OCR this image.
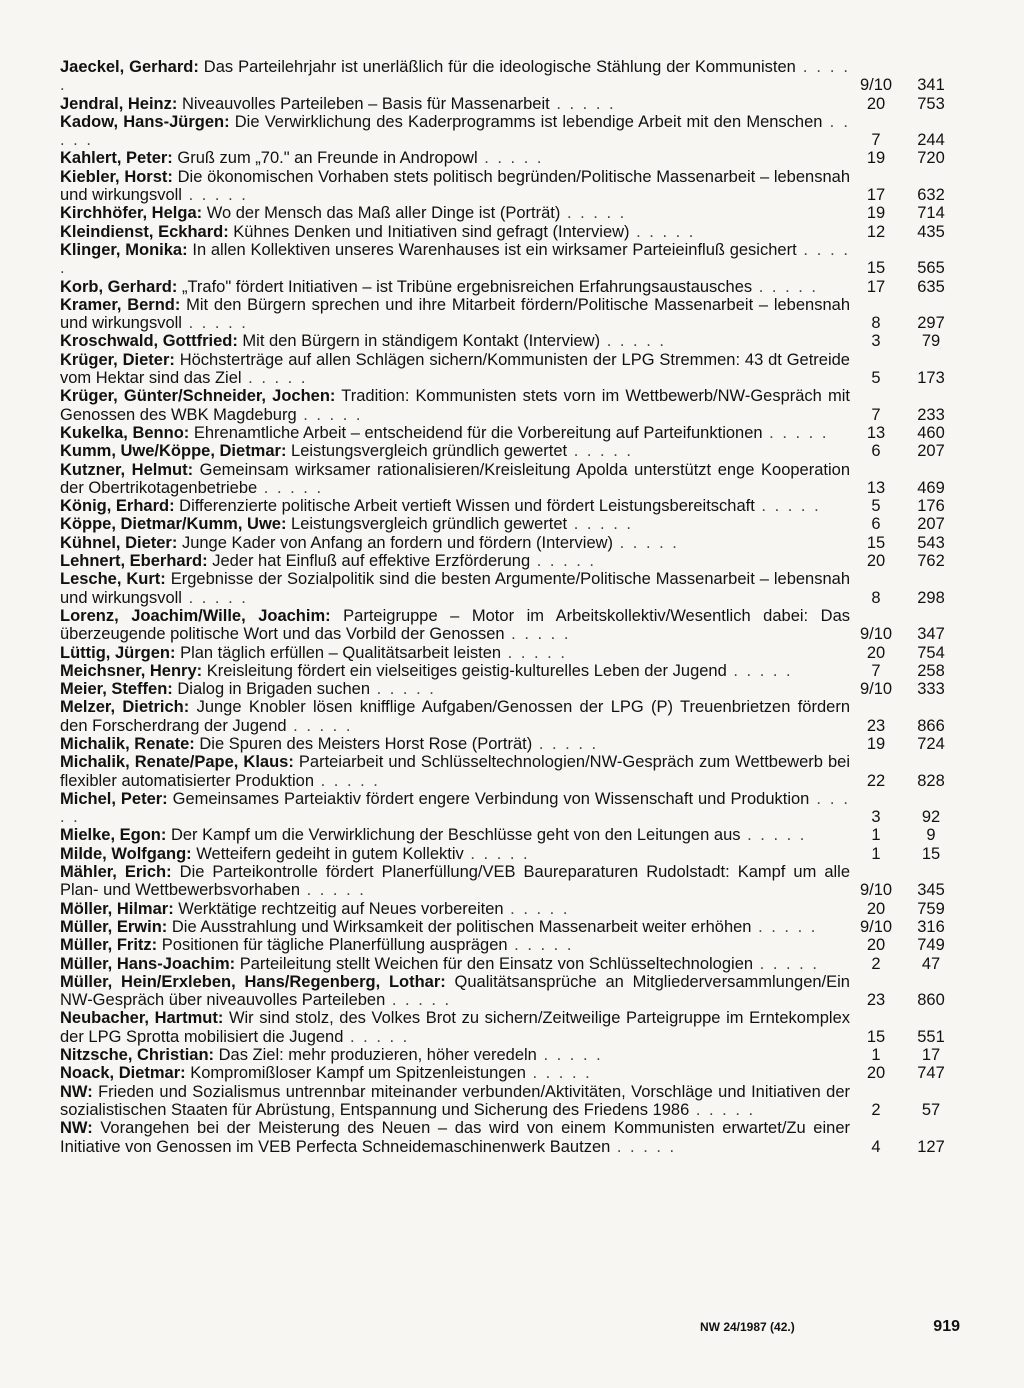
Jaeckel, Gerhard: Das Parteilehrjahr ist unerläßlich für die ideologische Stählung der Kommunisten . . . . .	9/10	341
Jendral, Heinz: Niveauvolles Parteileben – Basis für Massenarbeit . . . . .	20	753
Kadow, Hans-Jürgen: Die Verwirklichung des Kaderprogramms ist lebendige Arbeit mit den Menschen . . . . .	7	244
Kahlert, Peter: Gruß zum „70." an Freunde in Andropowl . . . . .	19	720
Kiebler, Horst: Die ökonomischen Vorhaben stets politisch begründen/Politische Massenarbeit – lebensnah und wirkungsvoll . . . . .	17	632
Kirchhöfer, Helga: Wo der Mensch das Maß aller Dinge ist (Porträt) . . . . .	19	714
Kleindienst, Eckhard: Kühnes Denken und Initiativen sind gefragt (Interview) . . . . .	12	435
Klinger, Monika: In allen Kollektiven unseres Warenhauses ist ein wirksamer Parteieinfluß gesichert . . . . .	15	565
Korb, Gerhard: „Trafo" fördert Initiativen – ist Tribüne ergebnisreichen Erfahrungsaustausches . . . . .	17	635
Kramer, Bernd: Mit den Bürgern sprechen und ihre Mitarbeit fördern/Politische Massenarbeit – lebensnah und wirkungsvoll . . . . .	8	297
Kroschwald, Gottfried: Mit den Bürgern in ständigem Kontakt (Interview) . . . . .	3	79
Krüger, Dieter: Höchsterträge auf allen Schlägen sichern/Kommunisten der LPG Stremmen: 43 dt Getreide vom Hektar sind das Ziel . . . . .	5	173
Krüger, Günter/Schneider, Jochen: Tradition: Kommunisten stets vorn im Wettbewerb/NW-Gespräch mit Genossen des WBK Magdeburg . . . . .	7	233
Kukelka, Benno: Ehrenamtliche Arbeit – entscheidend für die Vorbereitung auf Parteifunktionen . . . . .	13	460
Kumm, Uwe/Köppe, Dietmar: Leistungsvergleich gründlich gewertet . . . . .	6	207
Kutzner, Helmut: Gemeinsam wirksamer rationalisieren/Kreisleitung Apolda unterstützt enge Kooperation der Obertrikotagenbetriebe . . . . .	13	469
König, Erhard: Differenzierte politische Arbeit vertieft Wissen und fördert Leistungsbereitschaft . . . . .	5	176
Köppe, Dietmar/Kumm, Uwe: Leistungsvergleich gründlich gewertet . . . . .	6	207
Kühnel, Dieter: Junge Kader von Anfang an fordern und fördern (Interview) . . . . .	15	543
Lehnert, Eberhard: Jeder hat Einfluß auf effektive Erzförderung . . . . .	20	762
Lesche, Kurt: Ergebnisse der Sozialpolitik sind die besten Argumente/Politische Massenarbeit – lebensnah und wirkungsvoll . . . . .	8	298
Lorenz, Joachim/Wille, Joachim: Parteigruppe – Motor im Arbeitskollektiv/Wesentlich dabei: Das überzeugende politische Wort und das Vorbild der Genossen . . . . .	9/10	347
Lüttig, Jürgen: Plan täglich erfüllen – Qualitätsarbeit leisten . . . . .	20	754
Meichsner, Henry: Kreisleitung fördert ein vielseitiges geistig-kulturelles Leben der Jugend . . . . .	7	258
Meier, Steffen: Dialog in Brigaden suchen . . . . .	9/10	333
Melzer, Dietrich: Junge Knobler lösen knifflige Aufgaben/Genossen der LPG (P) Treuenbrietzen fördern den Forscherdrang der Jugend . . . . .	23	866
Michalik, Renate: Die Spuren des Meisters Horst Rose (Porträt) . . . . .	19	724
Michalik, Renate/Pape, Klaus: Parteiarbeit und Schlüsseltechnologien/NW-Gespräch zum Wettbewerb bei flexibler automatisierter Produktion . . . . .	22	828
Michel, Peter: Gemeinsames Parteiaktiv fördert engere Verbindung von Wissenschaft und Produktion . . . . .	3	92
Mielke, Egon: Der Kampf um die Verwirklichung der Beschlüsse geht von den Leitungen aus . . . . .	1	9
Milde, Wolfgang: Wetteifern gedeiht in gutem Kollektiv . . . . .	1	15
Mähler, Erich: Die Parteikontrolle fördert Planerfüllung/VEB Baureparaturen Rudolstadt: Kampf um alle Plan- und Wettbewerbsvorhaben . . . . .	9/10	345
Möller, Hilmar: Werktätige rechtzeitig auf Neues vorbereiten . . . . .	20	759
Müller, Erwin: Die Ausstrahlung und Wirksamkeit der politischen Massenarbeit weiter erhöhen . . . . .	9/10	316
Müller, Fritz: Positionen für tägliche Planerfüllung ausprägen . . . . .	20	749
Müller, Hans-Joachim: Parteileitung stellt Weichen für den Einsatz von Schlüsseltechnologien . . . . .	2	47
Müller, Hein/Erxleben, Hans/Regenberg, Lothar: Qualitätsansprüche an Mitgliederversammlungen/Ein NW-Gespräch über niveauvolles Parteileben . . . . .	23	860
Neubacher, Hartmut: Wir sind stolz, des Volkes Brot zu sichern/Zeitweilige Parteigruppe im Erntekomplex der LPG Sprotta mobilisiert die Jugend . . . . .	15	551
Nitzsche, Christian: Das Ziel: mehr produzieren, höher veredeln . . . . .	1	17
Noack, Dietmar: Kompromißloser Kampf um Spitzenleistungen . . . . .	20	747
NW: Frieden und Sozialismus untrennbar miteinander verbunden/Aktivitäten, Vorschläge und Initiativen der sozialistischen Staaten für Abrüstung, Entspannung und Sicherung des Friedens 1986 . . . . .	2	57
NW: Vorangehen bei der Meisterung des Neuen – das wird von einem Kommunisten erwartet/Zu einer Initiative von Genossen im VEB Perfecta Schneidemaschinenwerk Bautzen . . . . .	4	127
NW 24/1987 (42.)	919
